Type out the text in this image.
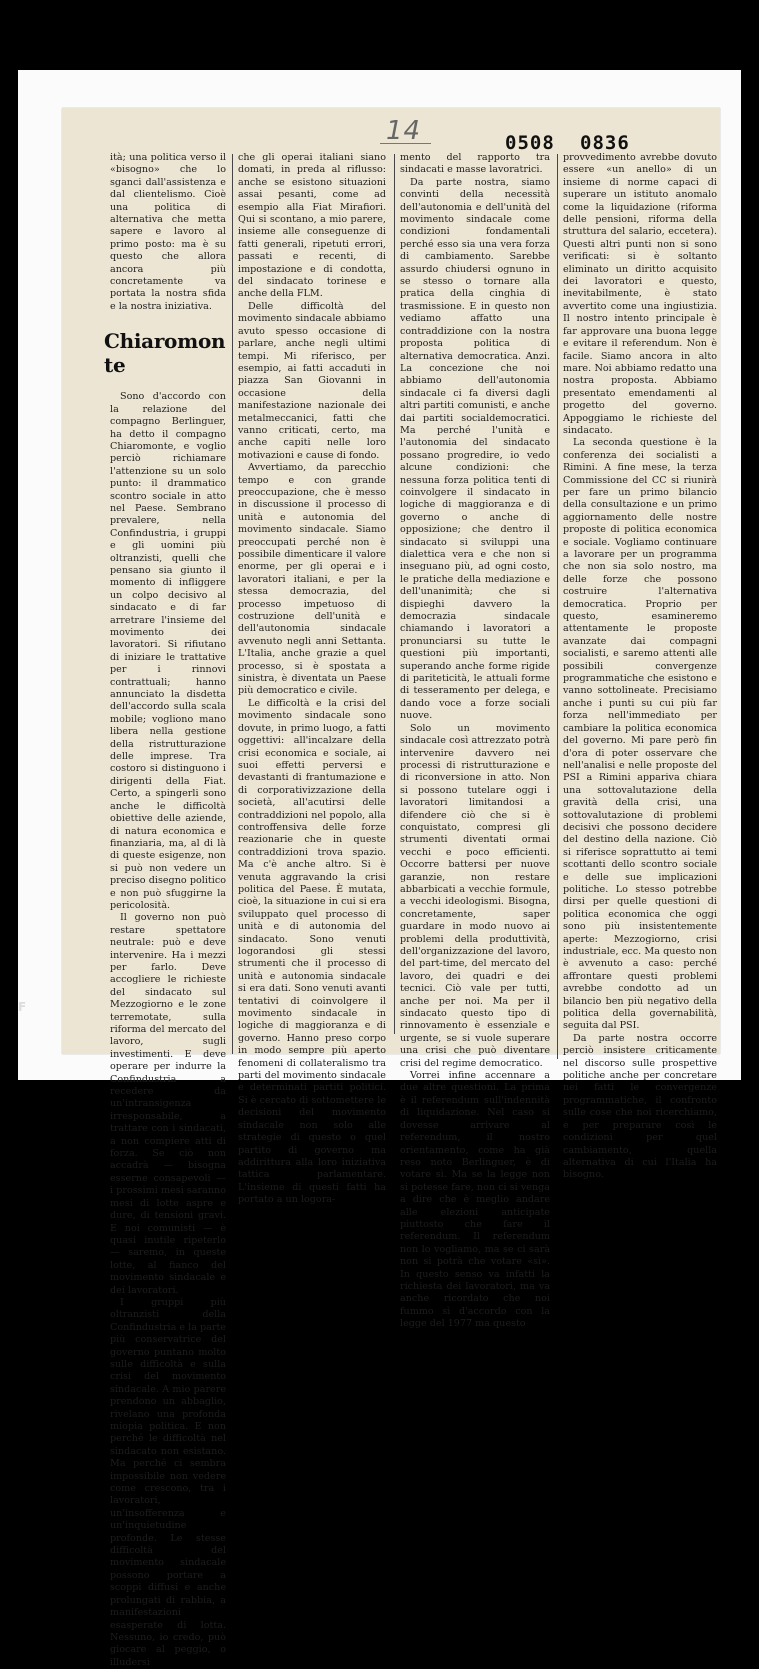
F
14	0508 0836

ità; una politica verso il «bisogno» che lo sganci dall'assistenza e dal clientelismo. Cioè una politica di alternativa che metta sapere e lavoro al primo posto: ma è su questo che allora ancora più concretamente va portata la nostra sfida e la nostra iniziativa.

Chiaromonte

Sono d'accordo con la relazione del compagno Berlinguer, ha detto il compagno Chiaromonte, e voglio perciò richiamare l'attenzione su un solo punto: il drammatico scontro sociale in atto nel Paese. Sembrano prevalere, nella Confindustria, i gruppi e gli uomini più oltranzisti, quelli che pensano sia giunto il momento di infliggere un colpo decisivo al sindacato e di far arretrare l'insieme del movimento dei lavoratori. Si rifiutano di iniziare le trattative per i rinnovi contrattuali; hanno annunciato la disdetta dell'accordo sulla scala mobile; vogliono mano libera nella gestione della ristrutturazione delle imprese. Tra costoro si distinguono i dirigenti della Fiat. Certo, a spingerli sono anche le difficoltà obiettive delle aziende, di natura economica e finanziaria, ma, al di là di queste esigenze, non si può non vedere un preciso disegno politico e non può sfuggirne la pericolosità.

Il governo non può restare spettatore neutrale: può e deve intervenire. Ha i mezzi per farlo. Deve accogliere le richieste del sindacato sul Mezzogiorno e le zone terremotate, sulla riforma del mercato del lavoro, sugli investimenti. E deve operare per indurre la Confindustria a recedere da un'intransigenza irresponsabile, a trattare con i sindacati, a non compiere atti di forza. Se ciò non accadrà — bisogna esserne consapevoli — i prossimi mesi saranno mesi di lotte aspre e dure, di tensioni gravi. E noi comunisti — è quasi inutile ripeterlo — saremo, in queste lotte, al fianco del movimento sindacale e dei lavoratori.

I gruppi più oltranzisti della Confindustria e la parte più conservatrice del governo puntano molto sulle difficoltà e sulla crisi del movimento sindacale. A mio parere prendono un abbaglio, rivelano una profonda miopia politica. E non perché le difficoltà nel sindacato non esistano. Ma perché ci sembra impossibile non vedere come crescono, tra i lavoratori, un'insofferenza e un'inquietudine profonde. Le stesse difficoltà del movimento sindacale possono portare a scoppi diffusi e anche prolungati di rabbia, a manifestazioni esasperate di lotta. Nessuno, io credo, può giocare al peggio, o illudersi

che gli operai italiani siano domati, in preda al riflusso: anche se esistono situazioni assai pesanti, come ad esempio alla Fiat Mirafiori. Qui si scontano, a mio parere, insieme alle conseguenze di fatti generali, ripetuti errori, passati e recenti, di impostazione e di condotta, del sindacato torinese e anche della FLM.

Delle difficoltà del movimento sindacale abbiamo avuto spesso occasione di parlare, anche negli ultimi tempi. Mi riferisco, per esempio, ai fatti accaduti in piazza San Giovanni in occasione della manifestazione nazionale dei metalmeccanici, fatti che vanno criticati, certo, ma anche capiti nelle loro motivazioni e cause di fondo.

Avvertiamo, da parecchio tempo e con grande preoccupazione, che è messo in discussione il processo di unità e autonomia del movimento sindacale. Siamo preoccupati perché non è possibile dimenticare il valore enorme, per gli operai e i lavoratori italiani, e per la stessa democrazia, del processo impetuoso di costruzione dell'unità e dell'autonomia sindacale avvenuto negli anni Settanta. L'Italia, anche grazie a quel processo, si è spostata a sinistra, è diventata un Paese più democratico e civile.

Le difficoltà e la crisi del movimento sindacale sono dovute, in primo luogo, a fatti oggettivi: all'incalzare della crisi economica e sociale, ai suoi effetti perversi e devastanti di frantumazione e di corporativizzazione della società, all'acutirsi delle contraddizioni nel popolo, alla controffensiva delle forze reazionarie che in queste contraddizioni trova spazio. Ma c'è anche altro. Si è venuta aggravando la crisi politica del Paese. È mutata, cioè, la situazione in cui si era sviluppato quel processo di unità e di autonomia del sindacato. Sono venuti logorandosi gli stessi strumenti che il processo di unità e autonomia sindacale si era dati. Sono venuti avanti tentativi di coinvolgere il movimento sindacale in logiche di maggioranza e di governo. Hanno preso corpo in modo sempre più aperto fenomeni di collateralismo tra parti del movimento sindacale e determinati partiti politici. Si è cercato di sottomettere le decisioni del movimento sindacale non solo alle strategie di questo o quel partito di governo ma addirittura alla loro iniziativa tattica parlamentare. L'insieme di questi fatti ha portato a un logora-

mento del rapporto tra sindacati e masse lavoratrici.

Da parte nostra, siamo convinti della necessità dell'autonomia e dell'unità del movimento sindacale come condizioni fondamentali perché esso sia una vera forza di cambiamento. Sarebbe assurdo chiudersi ognuno in se stesso o tornare alla pratica della cinghia di trasmissione. E in questo non vediamo affatto una contraddizione con la nostra proposta politica di alternativa democratica. Anzi. La concezione che noi abbiamo dell'autonomia sindacale ci fa diversi dagli altri partiti comunisti, e anche dai partiti socialdemocratici. Ma perché l'unità e l'autonomia del sindacato possano progredire, io vedo alcune condizioni: che nessuna forza politica tenti di coinvolgere il sindacato in logiche di maggioranza e di governo o anche di opposizione; che dentro il sindacato si sviluppi una dialettica vera e che non si inseguano più, ad ogni costo, le pratiche della mediazione e dell'unanimità; che si dispieghi davvero la democrazia sindacale chiamando i lavoratori a pronunciarsi su tutte le questioni più importanti, superando anche forme rigide di pariteticità, le attuali forme di tesseramento per delega, e dando voce a forze sociali nuove.

Solo un movimento sindacale così attrezzato potrà intervenire davvero nei processi di ristrutturazione e di riconversione in atto. Non si possono tutelare oggi i lavoratori limitandosi a difendere ciò che si è conquistato, compresi gli strumenti diventati ormai vecchi e poco efficienti. Occorre battersi per nuove garanzie, non restare abbarbicati a vecchie formule, a vecchi ideologismi. Bisogna, concretamente, saper guardare in modo nuovo ai problemi della produttività, dell'organizzazione del lavoro, del part-time, del mercato del lavoro, dei quadri e dei tecnici. Ciò vale per tutti, anche per noi. Ma per il sindacato questo tipo di rinnovamento è essenziale e urgente, se si vuole superare una crisi che può diventare crisi del regime democratico.

Vorrei infine accennare a due altre questioni. La prima è il referendum sull'indennità di liquidazione. Nel caso si dovesse arrivare al referendum, il nostro orientamento, come ha già reso noto Berlinguer, è di votare sì. Ma se la legge non si potesse fare, non ci si venga a dire che è meglio andare alle elezioni anticipate piuttosto che fare il referendum. Il referendum non lo vogliamo, ma se ci sarà non si potrà che votare «sì». In questo senso va infatti la richiesta dei lavoratori, ma va anche ricordato che noi fummo sì d'accordo con la legge del 1977 ma questo

provvedimento avrebbe dovuto essere «un anello» di un insieme di norme capaci di superare un istituto anomalo come la liquidazione (riforma delle pensioni, riforma della struttura del salario, eccetera). Questi altri punti non si sono verificati: si è soltanto eliminato un diritto acquisito dei lavoratori e questo, inevitabilmente, è stato avvertito come una ingiustizia. Il nostro intento principale è far approvare una buona legge e evitare il referendum. Non è facile. Siamo ancora in alto mare. Noi abbiamo redatto una nostra proposta. Abbiamo presentato emendamenti al progetto del governo. Appoggiamo le richieste del sindacato.

La seconda questione è la conferenza dei socialisti a Rimini. A fine mese, la terza Commissione del CC si riunirà per fare un primo bilancio della consultazione e un primo aggiornamento delle nostre proposte di politica economica e sociale. Vogliamo continuare a lavorare per un programma che non sia solo nostro, ma delle forze che possono costruire l'alternativa democratica. Proprio per questo, esamineremo attentamente le proposte avanzate dai compagni socialisti, e saremo attenti alle possibili convergenze programmatiche che esistono e vanno sottolineate. Precisiamo anche i punti su cui più far forza nell'immediato per cambiare la politica economica del governo. Mi pare però fin d'ora di poter osservare che nell'analisi e nelle proposte del PSI a Rimini appariva chiara una sottovalutazione della gravità della crisi, una sottovalutazione di problemi decisivi che possono decidere del destino della nazione. Ciò si riferisce soprattutto ai temi scottanti dello scontro sociale e delle sue implicazioni politiche. Lo stesso potrebbe dirsi per quelle questioni di politica economica che oggi sono più insistentemente aperte: Mezzogiorno, crisi industriale, ecc. Ma questo non è avvenuto a caso: perché affrontare questi problemi avrebbe condotto ad un bilancio ben più negativo della politica della governabilità, seguita dal PSI.

Da parte nostra occorre perciò insistere criticamente nel discorso sulle prospettive politiche anche per concretare nei fatti le convergenze programmatiche, il confronto sulle cose che noi ricerchiamo, e per preparare così le condizioni per quel cambiamento, quella alternativa di cui l'Italia ha bisogno.
